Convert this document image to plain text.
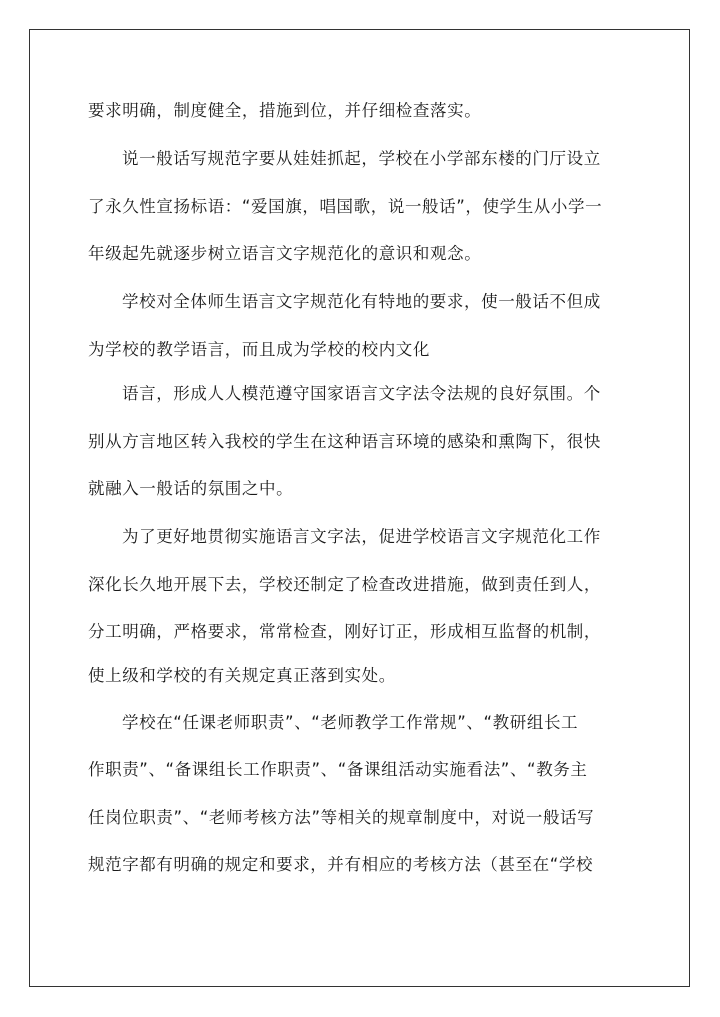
要求明确，制度健全，措施到位，并仔细检查落实。
说一般话写规范字要从娃娃抓起，学校在小学部东楼的门厅设立
了永久性宣扬标语：“爱国旗，唱国歌，说一般话”，使学生从小学一
年级起先就逐步树立语言文字规范化的意识和观念。
学校对全体师生语言文字规范化有特地的要求，使一般话不但成
为学校的教学语言，而且成为学校的校内文化
语言，形成人人模范遵守国家语言文字法令法规的良好氛围。个
别从方言地区转入我校的学生在这种语言环境的感染和熏陶下，很快
就融入一般话的氛围之中。
为了更好地贯彻实施语言文字法，促进学校语言文字规范化工作
深化长久地开展下去，学校还制定了检查改进措施，做到责任到人，
分工明确，严格要求，常常检查，刚好订正，形成相互监督的机制，
使上级和学校的有关规定真正落到实处。
学校在“任课老师职责”、“老师教学工作常规”、“教研组长工
作职责”、“备课组长工作职责”、“备课组活动实施看法”、“教务主
任岗位职责”、“老师考核方法”等相关的规章制度中，对说一般话写
规范字都有明确的规定和要求，并有相应的考核方法（甚至在“学校
